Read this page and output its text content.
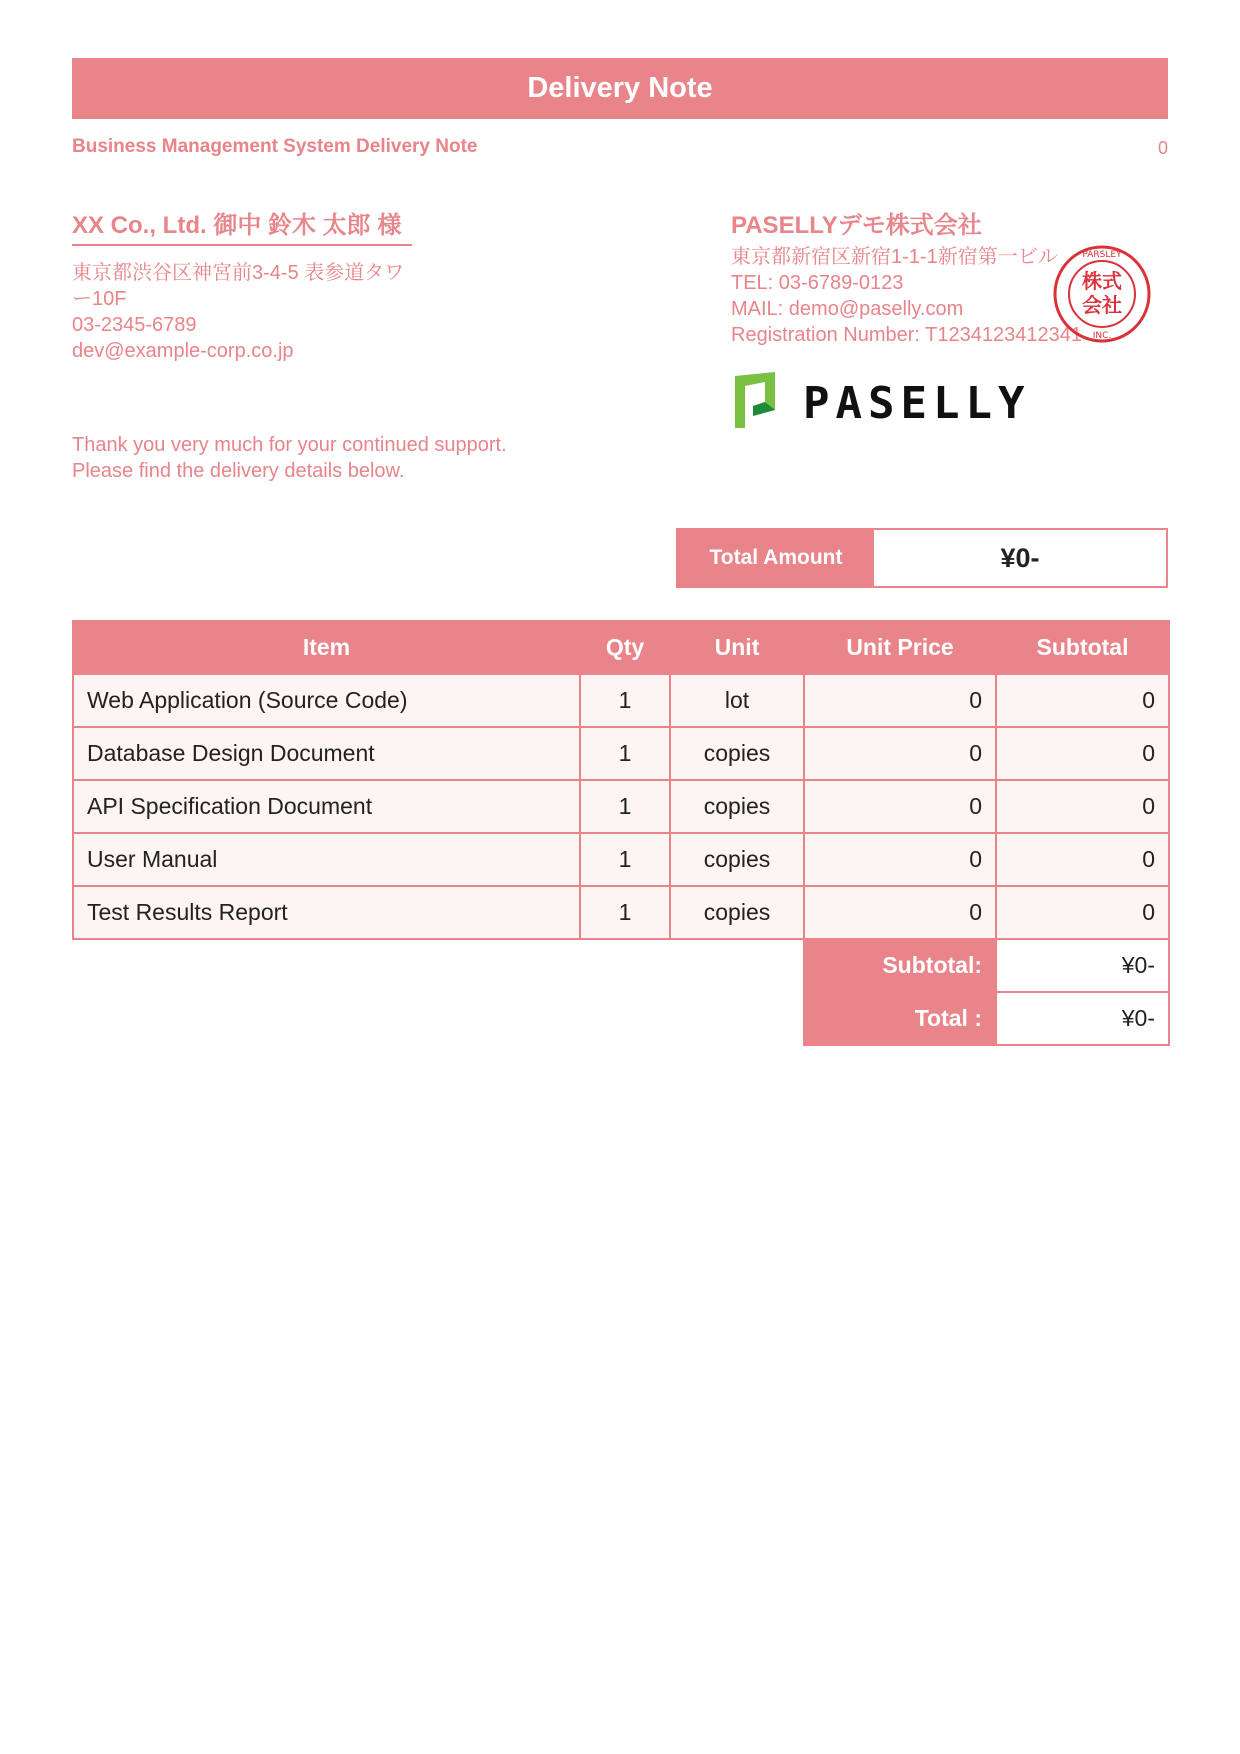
Delivery Note
Business Management System Delivery Note	0
XX Co., Ltd. 御中 鈴木 太郎 様
東京都渋谷区神宮前3-4-5 表参道タワー10F
03-2345-6789
dev@example-corp.co.jp
PASELLYデモ株式会社
東京都新宿区新宿1-1-1新宿第一ビル
TEL: 03-6789-0123
MAIL: demo@paselly.com
Registration Number: T1234123412341
株式
会社
PARSLEY
INC.
PASELLY
Thank you very much for your continued support.
Please find the delivery details below.
Total Amount	¥0-
Item	Qty	Unit	Unit Price	Subtotal
Web Application (Source Code)	1	lot	0	0
Database Design Document	1	copies	0	0
API Specification Document	1	copies	0	0
User Manual	1	copies	0	0
Test Results Report	1	copies	0	0
			Subtotal:	¥0-
			Total :	¥0-
